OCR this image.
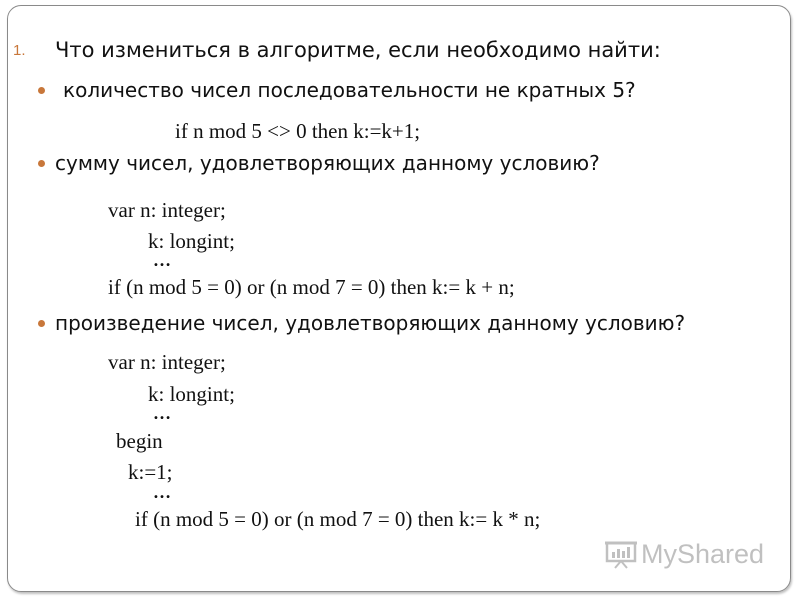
1. Что измениться в алгоритме, если необходимо найти:
количество чисел последовательности не кратных 5?
if n mod 5 <> 0 then k:=k+1;
сумму чисел, удовлетворяющих данному условию?
var n: integer;
k: longint;
…
if (n mod 5 = 0) or (n mod 7 = 0) then k:= k + n;
произведение чисел, удовлетворяющих данному условию?
var n: integer;
k: longint;
…
begin
k:=1;
…
if (n mod 5 = 0) or (n mod 7 = 0) then k:= k * n;
MyShared
